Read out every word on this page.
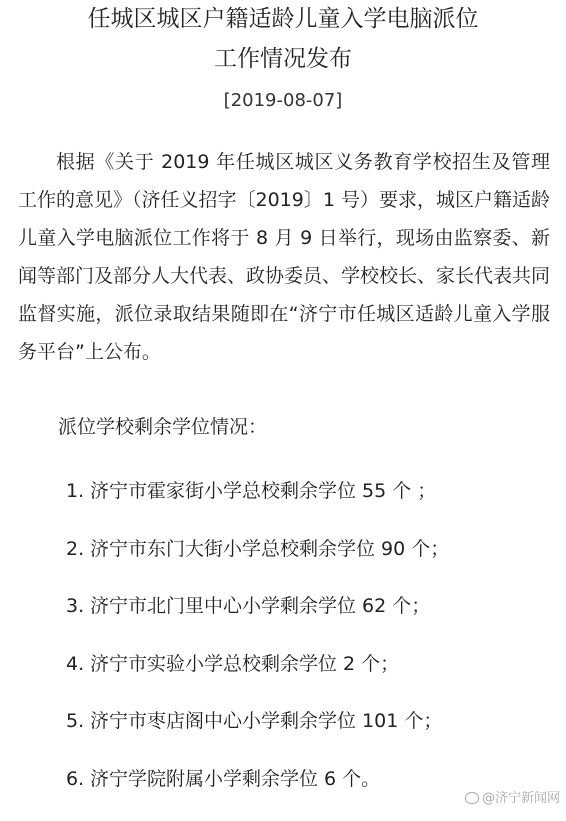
任城区城区户籍适龄儿童入学电脑派位
工作情况发布
[2019-08-07]
根据《关于 2019 年任城区城区义务教育学校招生及管理工作的意见》（济任义招字〔2019〕1 号）要求，城区户籍适龄儿童入学电脑派位工作将于 8 月 9 日举行，现场由监察委、新闻等部门及部分人大代表、政协委员、学校校长、家长代表共同监督实施，派位录取结果随即在“济宁市任城区适龄儿童入学服务平台”上公布。
派位学校剩余学位情况：
1. 济宁市霍家街小学总校剩余学位 55 个 ；
2. 济宁市东门大街小学总校剩余学位 90 个；
3. 济宁市北门里中心小学剩余学位 62 个；
4. 济宁市实验小学总校剩余学位 2 个；
5. 济宁市枣店阁中心小学剩余学位 101 个；
6. 济宁学院附属小学剩余学位 6 个。
@济宁新闻网
